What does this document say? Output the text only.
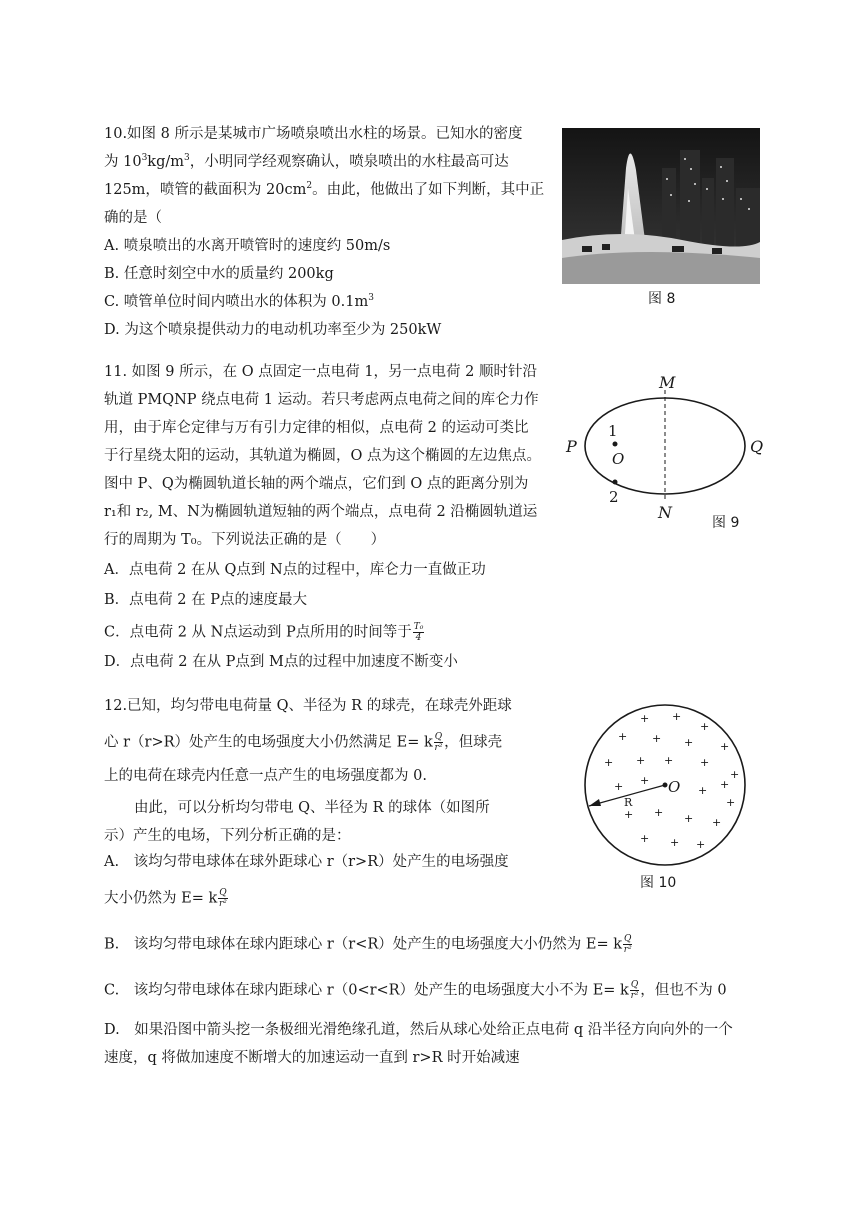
10.如图 8 所示是某城市广场喷泉喷出水柱的场景。已知水的密度
为 $10^3kg/m^3$，小明同学经观察确认，喷泉喷出的水柱最高可达
125m，喷管的截面积为 $20cm^2$。由此，他做出了如下判断，其中正
确的是（
A. 喷泉喷出的水离开喷管时的速度约 50m/s
B. 任意时刻空中水的质量约 200kg
C. 喷管单位时间内喷出水的体积为 $0.1m^3$
D. 为这个喷泉提供动力的电动机功率至少为 250kW
图 8
11. 如图 9 所示，在 O 点固定一点电荷 1，另一点电荷 2 顺时针沿
轨道 PMQNP 绕点电荷 1 运动。若只考虑两点电荷之间的库仑力作
用，由于库仑定律与万有引力定律的相似，点电荷 2 的运动可类比
于行星绕太阳的运动，其轨道为椭圆，O 点为这个椭圆的左边焦点。
图中 P、Q为椭圆轨道长轴的两个端点，它们到 O 点的距离分别为
r₁和 r₂, M、N为椭圆轨道短轴的两个端点，点电荷 2 沿椭圆轨道运
行的周期为 T₀。下列说法正确的是（　　）
A．点电荷 2 在从 Q点到 N点的过程中，库仑力一直做正功
B．点电荷 2 在 P点的速度最大
C．点电荷 2 从 N点运动到 P点所用的时间等于 $\frac{\text{T₀}}{4}$
D．点电荷 2 在从 P点到 M点的过程中加速度不断变小
M
N
P	Q
1
O
2
图 9
12.已知，均匀带电电荷量 Q、半径为 R 的球壳，在球壳外距球
心 r（r>R）处产生的电场强度大小仍然满足 E= k $\frac{Q}{\text{r²}}$ ，但球壳
上的电荷在球壳内任意一点产生的电场强度都为 0.
由此，可以分析均匀带电 Q、半径为 R 的球体（如图所
示）产生的电场，下列分析正确的是：
A.　该均匀带电球体在球外距球心 r（r>R）处产生的电场强度
大小仍然为 E= k $\frac{Q}{\text{r²}}$
B.　该均匀带电球体在球内距球心 r（r<R）处产生的电场强度大小仍然为 E= k $\frac{Q}{\text{r²}}$
C.　该均匀带电球体在球内距球心 r（0<r<R）处产生的电场强度大小不为 E= k $\frac{Q}{\text{r²}}$ ，但也不为 0
D.　如果沿图中箭头挖一条极细光滑绝缘孔道，然后从球心处给正点电荷 q 沿半径方向向外的一个
速度，q 将做加速度不断增大的加速运动一直到 r>R 时开始减速
O
R
+ +
+
+ + + +
+ +	+
+
+ +
+
+
+ + + +
+ + +
+
+
图 10
